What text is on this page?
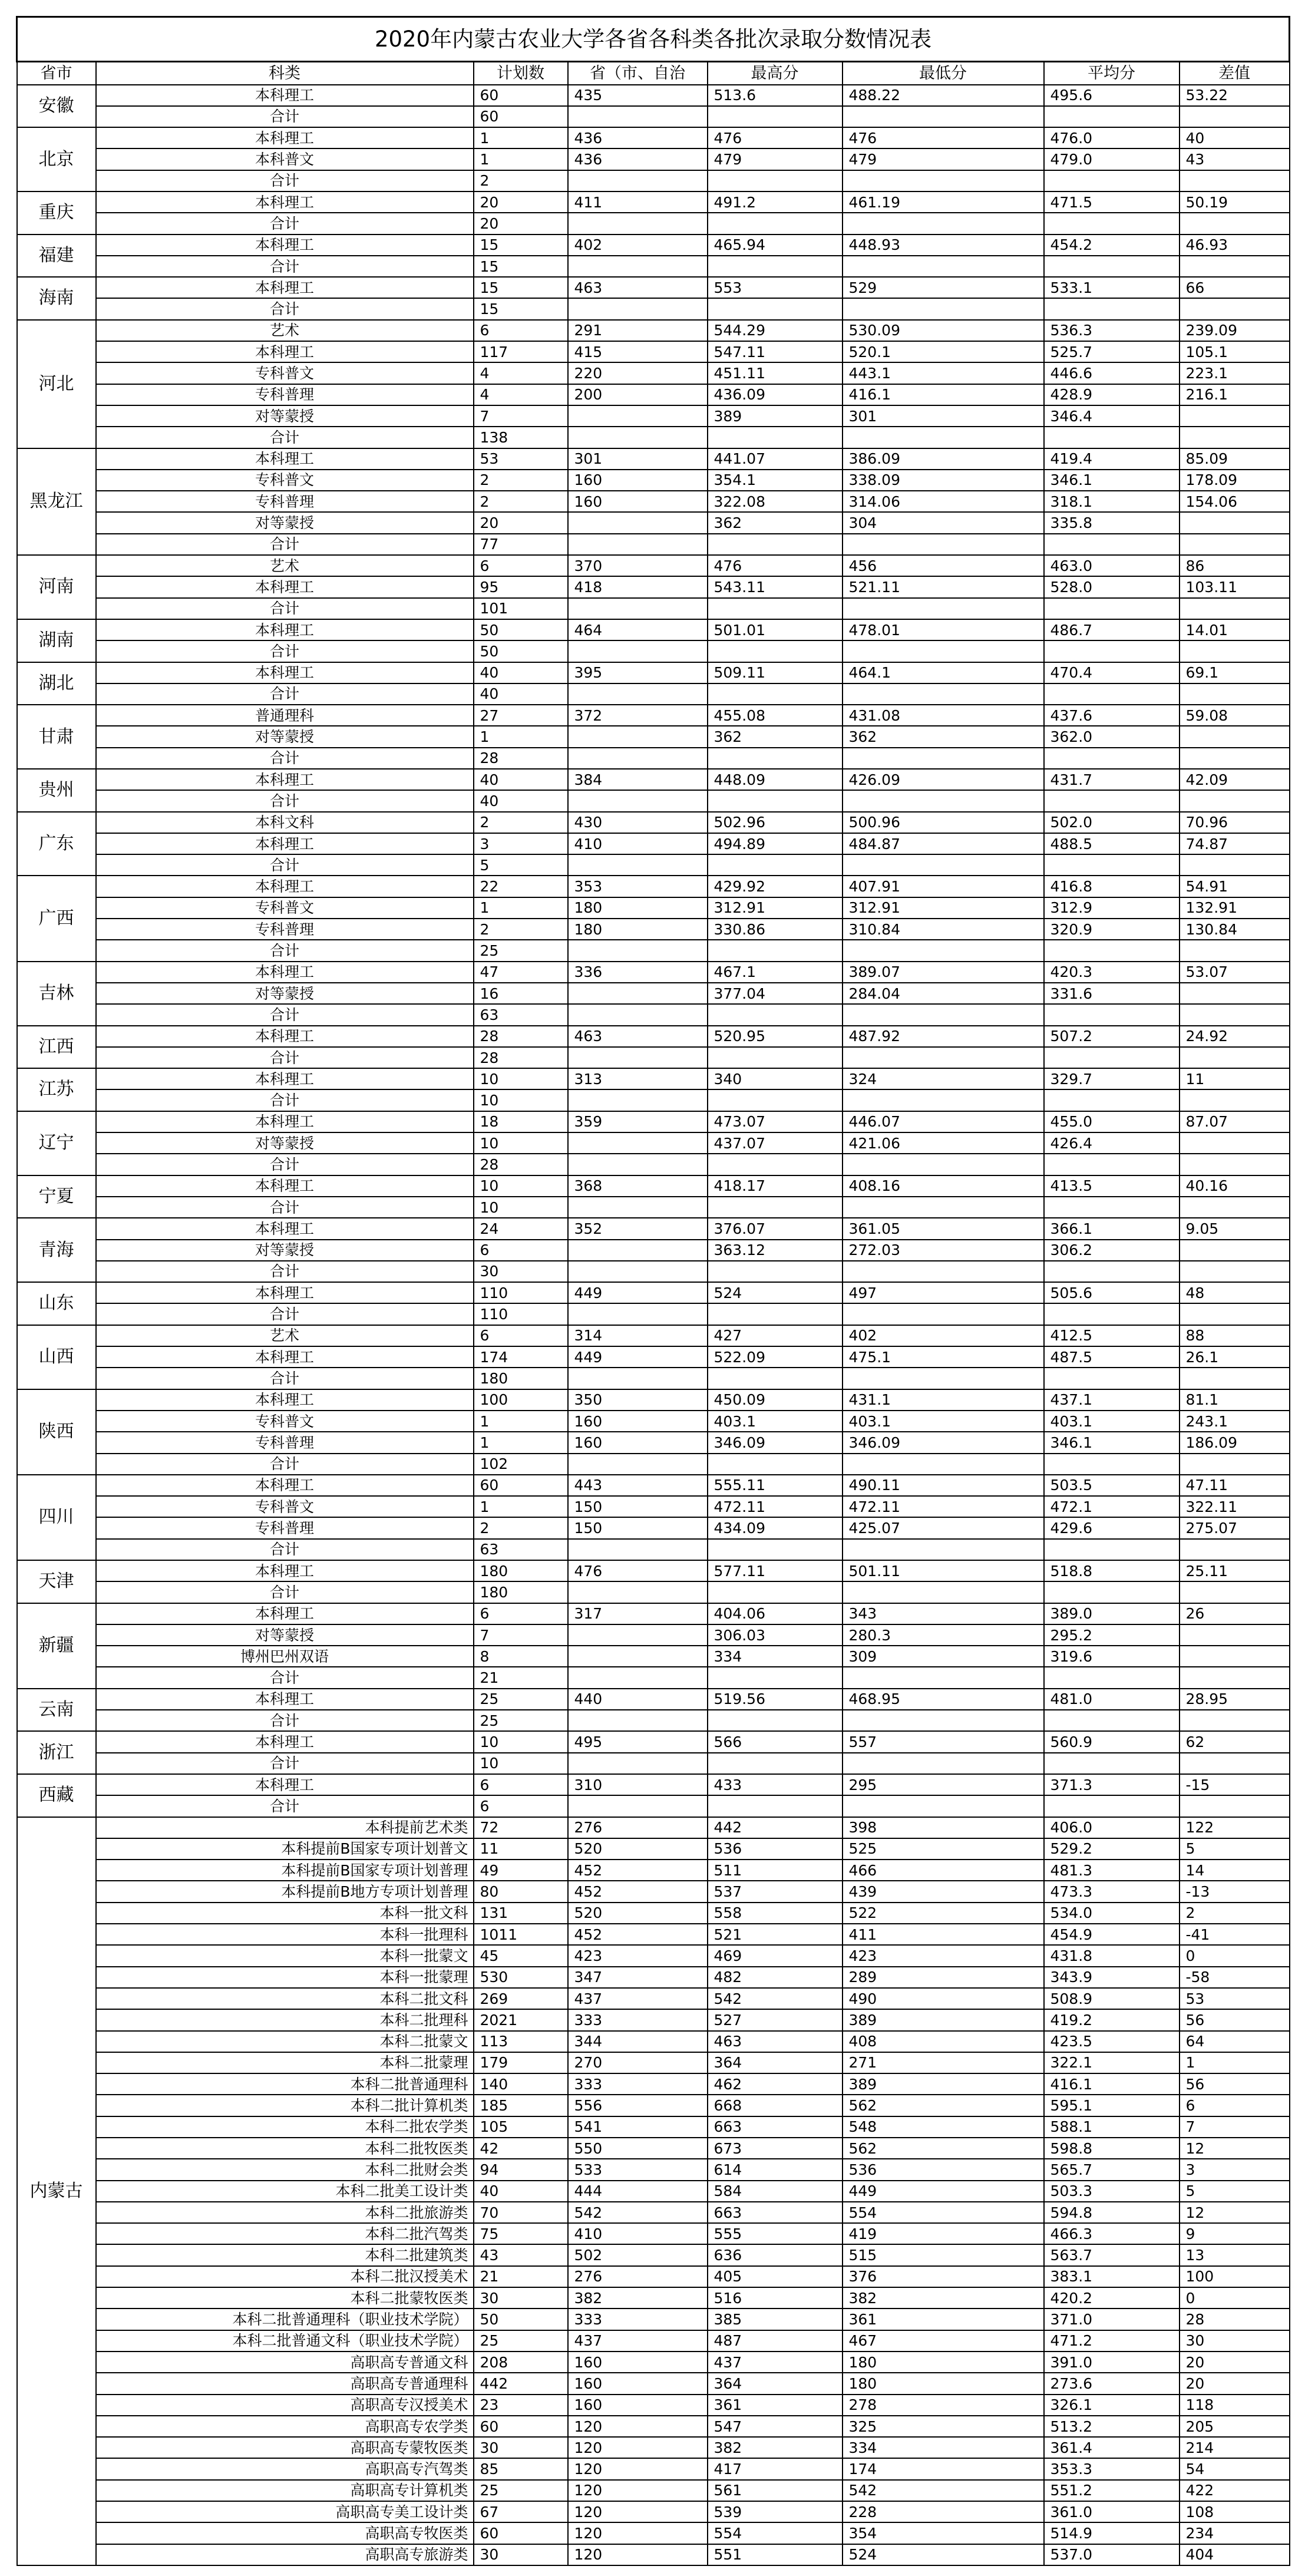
2020年内蒙古农业大学各省各科类各批次录取分数情况表							
省市	科类	计划数	省（市、自治	最高分	最低分	平均分	差值
安徽	本科理工	60	435	513.6	488.22	495.6	53.22
	合计	60					
北京	本科理工	1	436	476	476	476.0	40
	本科普文	1	436	479	479	479.0	43
	合计	2					
重庆	本科理工	20	411	491.2	461.19	471.5	50.19
	合计	20					
福建	本科理工	15	402	465.94	448.93	454.2	46.93
	合计	15					
海南	本科理工	15	463	553	529	533.1	66
	合计	15					
河北	艺术	6	291	544.29	530.09	536.3	239.09
	本科理工	117	415	547.11	520.1	525.7	105.1
	专科普文	4	220	451.11	443.1	446.6	223.1
	专科普理	4	200	436.09	416.1	428.9	216.1
	对等蒙授	7		389	301	346.4	
	合计	138					
黑龙江	本科理工	53	301	441.07	386.09	419.4	85.09
	专科普文	2	160	354.1	338.09	346.1	178.09
	专科普理	2	160	322.08	314.06	318.1	154.06
	对等蒙授	20		362	304	335.8	
	合计	77					
河南	艺术	6	370	476	456	463.0	86
	本科理工	95	418	543.11	521.11	528.0	103.11
	合计	101					
湖南	本科理工	50	464	501.01	478.01	486.7	14.01
	合计	50					
湖北	本科理工	40	395	509.11	464.1	470.4	69.1
	合计	40					
甘肃	普通理科	27	372	455.08	431.08	437.6	59.08
	对等蒙授	1		362	362	362.0	
	合计	28					
贵州	本科理工	40	384	448.09	426.09	431.7	42.09
	合计	40					
广东	本科文科	2	430	502.96	500.96	502.0	70.96
	本科理工	3	410	494.89	484.87	488.5	74.87
	合计	5					
广西	本科理工	22	353	429.92	407.91	416.8	54.91
	专科普文	1	180	312.91	312.91	312.9	132.91
	专科普理	2	180	330.86	310.84	320.9	130.84
	合计	25					
吉林	本科理工	47	336	467.1	389.07	420.3	53.07
	对等蒙授	16		377.04	284.04	331.6	
	合计	63					
江西	本科理工	28	463	520.95	487.92	507.2	24.92
	合计	28					
江苏	本科理工	10	313	340	324	329.7	11
	合计	10					
辽宁	本科理工	18	359	473.07	446.07	455.0	87.07
	对等蒙授	10		437.07	421.06	426.4	
	合计	28					
宁夏	本科理工	10	368	418.17	408.16	413.5	40.16
	合计	10					
青海	本科理工	24	352	376.07	361.05	366.1	9.05
	对等蒙授	6		363.12	272.03	306.2	
	合计	30					
山东	本科理工	110	449	524	497	505.6	48
	合计	110					
山西	艺术	6	314	427	402	412.5	88
	本科理工	174	449	522.09	475.1	487.5	26.1
	合计	180					
陕西	本科理工	100	350	450.09	431.1	437.1	81.1
	专科普文	1	160	403.1	403.1	403.1	243.1
	专科普理	1	160	346.09	346.09	346.1	186.09
	合计	102					
四川	本科理工	60	443	555.11	490.11	503.5	47.11
	专科普文	1	150	472.11	472.11	472.1	322.11
	专科普理	2	150	434.09	425.07	429.6	275.07
	合计	63					
天津	本科理工	180	476	577.11	501.11	518.8	25.11
	合计	180					
新疆	本科理工	6	317	404.06	343	389.0	26
	对等蒙授	7		306.03	280.3	295.2	
	博州巴州双语	8		334	309	319.6	
	合计	21					
云南	本科理工	25	440	519.56	468.95	481.0	28.95
	合计	25					
浙江	本科理工	10	495	566	557	560.9	62
	合计	10					
西藏	本科理工	6	310	433	295	371.3	-15
	合计	6					
内蒙古	本科提前艺术类	72	276	442	398	406.0	122
	本科提前B国家专项计划普文	11	520	536	525	529.2	5
	本科提前B国家专项计划普理	49	452	511	466	481.3	14
	本科提前B地方专项计划普理	80	452	537	439	473.3	-13
	本科一批文科	131	520	558	522	534.0	2
	本科一批理科	1011	452	521	411	454.9	-41
	本科一批蒙文	45	423	469	423	431.8	0
	本科一批蒙理	530	347	482	289	343.9	-58
	本科二批文科	269	437	542	490	508.9	53
	本科二批理科	2021	333	527	389	419.2	56
	本科二批蒙文	113	344	463	408	423.5	64
	本科二批蒙理	179	270	364	271	322.1	1
	本科二批普通理科	140	333	462	389	416.1	56
	本科二批计算机类	185	556	668	562	595.1	6
	本科二批农学类	105	541	663	548	588.1	7
	本科二批牧医类	42	550	673	562	598.8	12
	本科二批财会类	94	533	614	536	565.7	3
	本科二批美工设计类	40	444	584	449	503.3	5
	本科二批旅游类	70	542	663	554	594.8	12
	本科二批汽驾类	75	410	555	419	466.3	9
	本科二批建筑类	43	502	636	515	563.7	13
	本科二批汉授美术	21	276	405	376	383.1	100
	本科二批蒙牧医类	30	382	516	382	420.2	0
	本科二批普通理科（职业技术学院）	50	333	385	361	371.0	28
	本科二批普通文科（职业技术学院）	25	437	487	467	471.2	30
	高职高专普通文科	208	160	437	180	391.0	20
	高职高专普通理科	442	160	364	180	273.6	20
	高职高专汉授美术	23	160	361	278	326.1	118
	高职高专农学类	60	120	547	325	513.2	205
	高职高专蒙牧医类	30	120	382	334	361.4	214
	高职高专汽驾类	85	120	417	174	353.3	54
	高职高专计算机类	25	120	561	542	551.2	422
	高职高专美工设计类	67	120	539	228	361.0	108
	高职高专牧医类	60	120	554	354	514.9	234
	高职高专旅游类	30	120	551	524	537.0	404
